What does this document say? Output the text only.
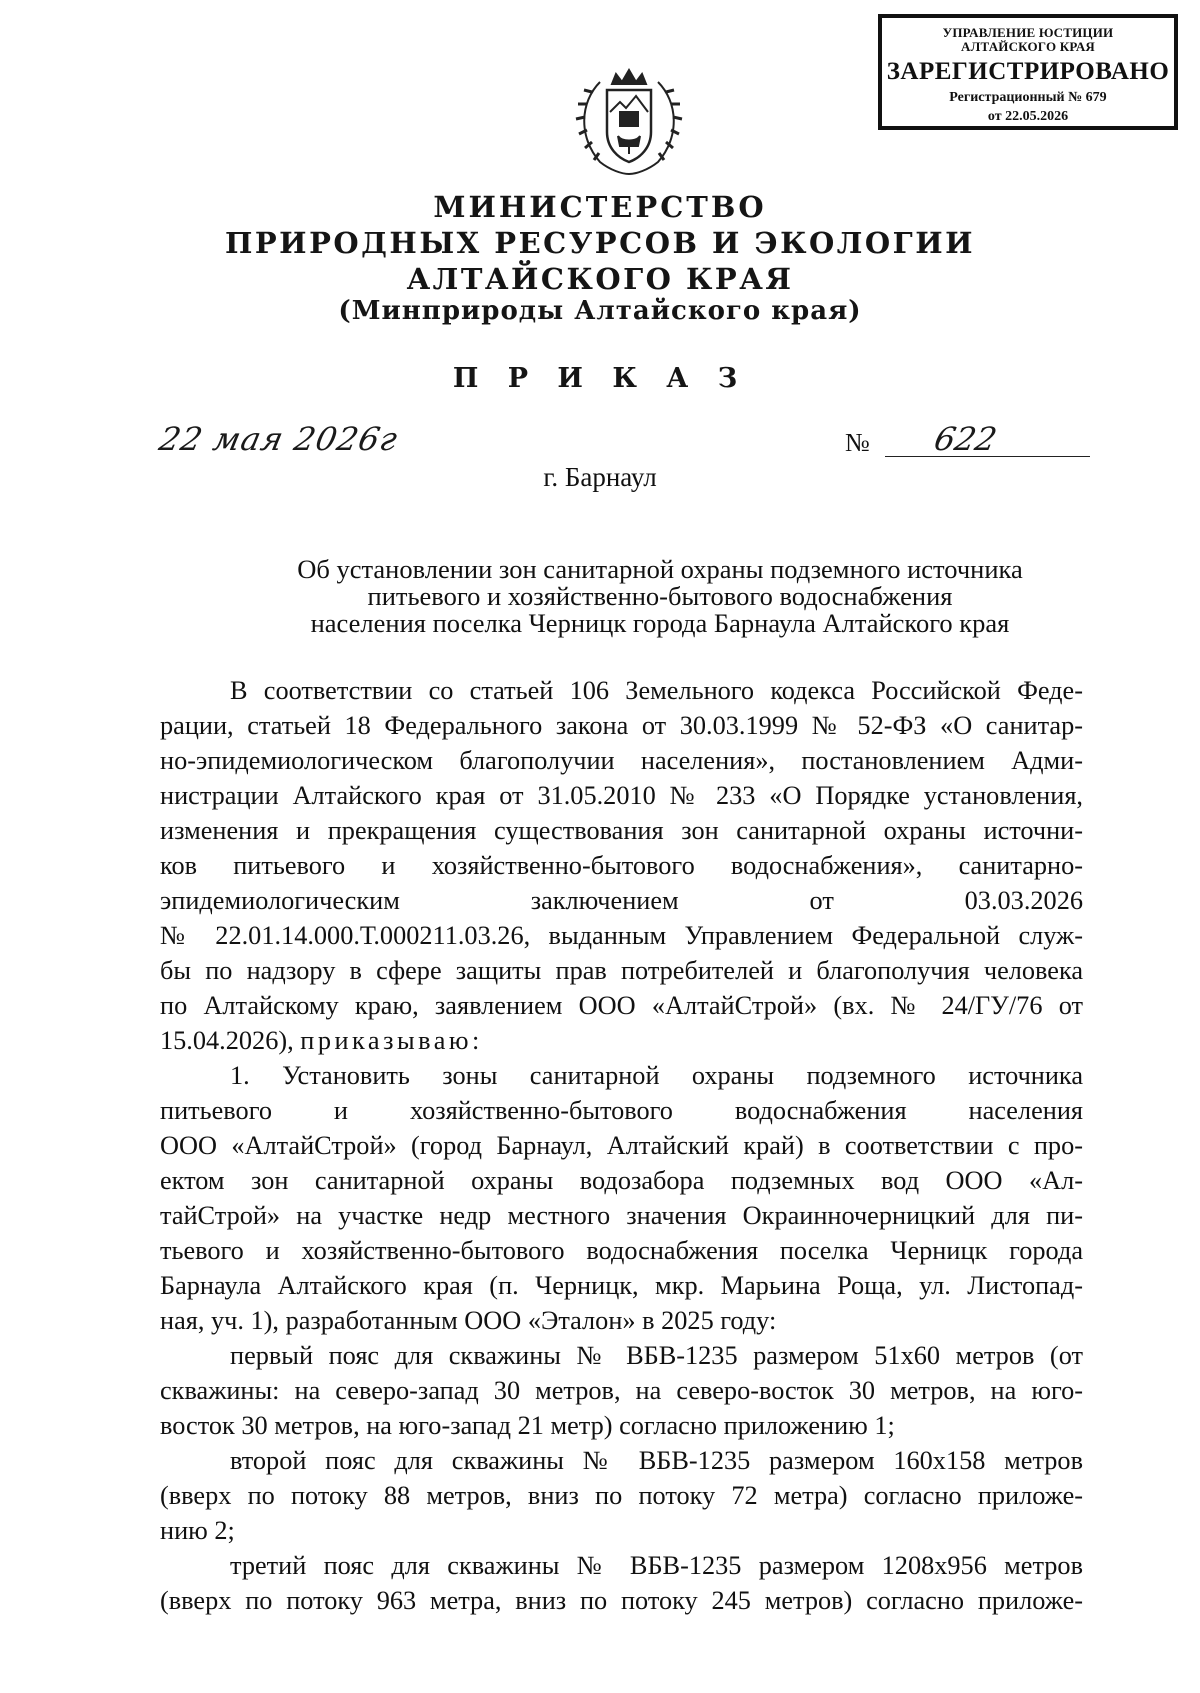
УПРАВЛЕНИЕ ЮСТИЦИИ
АЛТАЙСКОГО КРАЯ
ЗАРЕГИСТРИРОВАНО
Регистрационный № 679
от 22.05.2026
МИНИСТЕРСТВО
ПРИРОДНЫХ РЕСУРСОВ И ЭКОЛОГИИ
АЛТАЙСКОГО КРАЯ
(Минприроды Алтайского края)
П Р И К А З
22 мая 2026г	№ 622
г. Барнаул
Об установлении зон санитарной охраны подземного источника
питьевого и хозяйственно-бытового водоснабжения
населения поселка Черницк города Барнаула Алтайского края

В соответствии со статьей 106 Земельного кодекса Российской Феде-

рации, статьей 18 Федерального закона от 30.03.1999 № 52-ФЗ «О санитар-

но-эпидемиологическом благополучии населения», постановлением Адми-

нистрации Алтайского края от 31.05.2010 № 233 «О Порядке установления,

изменения и прекращения существования зон санитарной охраны источни-

ков питьевого и хозяйственно-бытового водоснабжения», санитарно-

эпидемиологическим заключением от 03.03.2026

№ 22.01.14.000.Т.000211.03.26, выданным Управлением Федеральной служ-

бы по надзору в сфере защиты прав потребителей и благополучия человека

по Алтайскому краю, заявлением ООО «АлтайСтрой» (вх. № 24/ГУ/76 от

15.04.2026), приказываю:

1. Установить зоны санитарной охраны подземного источника

питьевого и хозяйственно-бытового водоснабжения населения

ООО «АлтайСтрой» (город Барнаул, Алтайский край) в соответствии с про-

ектом зон санитарной охраны водозабора подземных вод ООО «Ал-

тайСтрой» на участке недр местного значения Окраинночерницкий для пи-

тьевого и хозяйственно-бытового водоснабжения поселка Черницк города

Барнаула Алтайского края (п. Черницк, мкр. Марьина Роща, ул. Листопад-

ная, уч. 1), разработанным ООО «Эталон» в 2025 году:

первый пояс для скважины № ВБВ-1235 размером 51х60 метров (от

скважины: на северо-запад 30 метров, на северо-восток 30 метров, на юго-

восток 30 метров, на юго-запад 21 метр) согласно приложению 1;

второй пояс для скважины № ВБВ-1235 размером 160х158 метров

(вверх по потоку 88 метров, вниз по потоку 72 метра) согласно приложе-

нию 2;

третий пояс для скважины № ВБВ-1235 размером 1208х956 метров

(вверх по потоку 963 метра, вниз по потоку 245 метров) согласно приложе-
